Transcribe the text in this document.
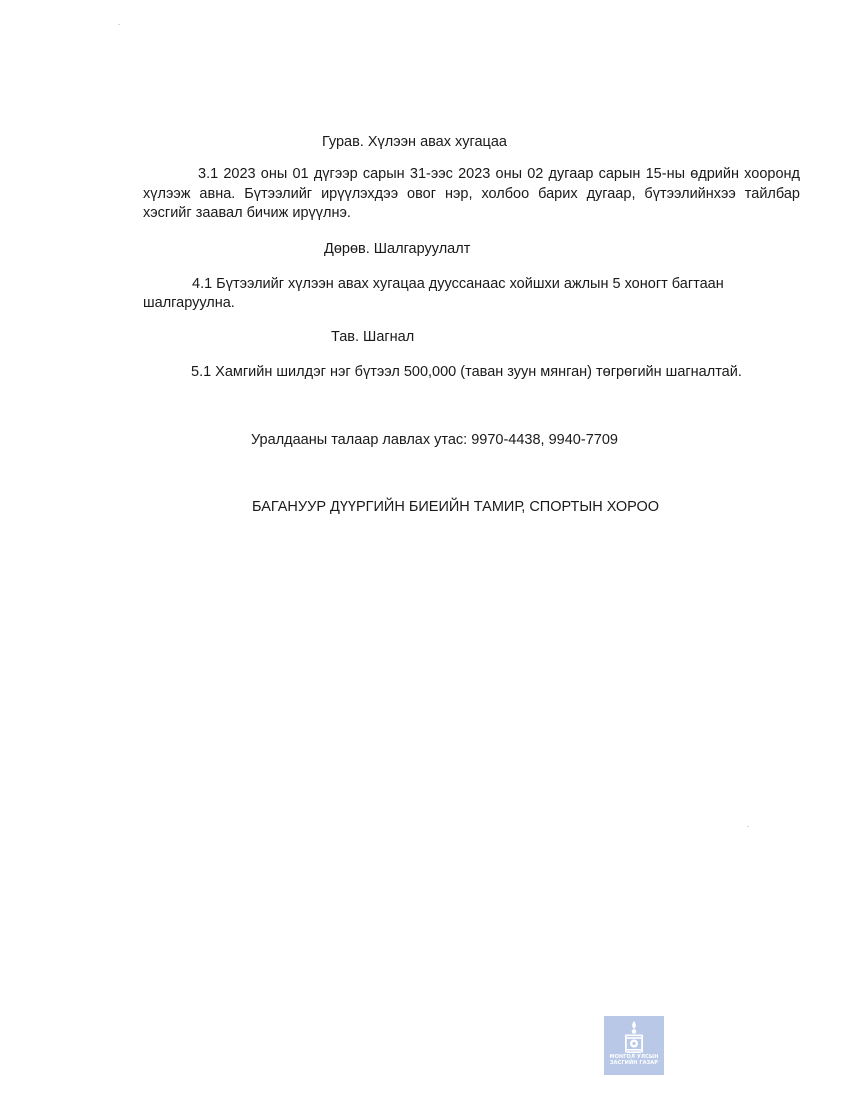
Гурав. Хүлээн авах хугацаа

3.1 2023 оны 01 дүгээр сарын 31-ээс 2023 оны 02 дугаар сарын 15-ны өдрийн хооронд хүлээж авна. Бүтээлийг ирүүлэхдээ овог нэр, холбоо барих дугаар, бүтээлийнхээ тайлбар хэсгийг заавал бичиж ирүүлнэ.

Дөрөв. Шалгаруулалт
4.1 Бүтээлийг хүлээн авах хугацаа дуусcанаас хойшхи ажлын 5 хоногт багтаан
шалгаруулна.
Тав. Шагнал
5.1 Хамгийн шилдэг нэг бүтээл 500,000 (таван зуун мянган) төгрөгийн шагналтай.
Уралдааны талаар лавлах утас: 9970-4438, 9940-7709
БАГАНУУР ДҮҮРГИЙН БИЕИЙН ТАМИР, СПОРТЫН ХОРОО
МОНГОЛ УЛСЫН
ЗАСГИЙН ГАЗАР
